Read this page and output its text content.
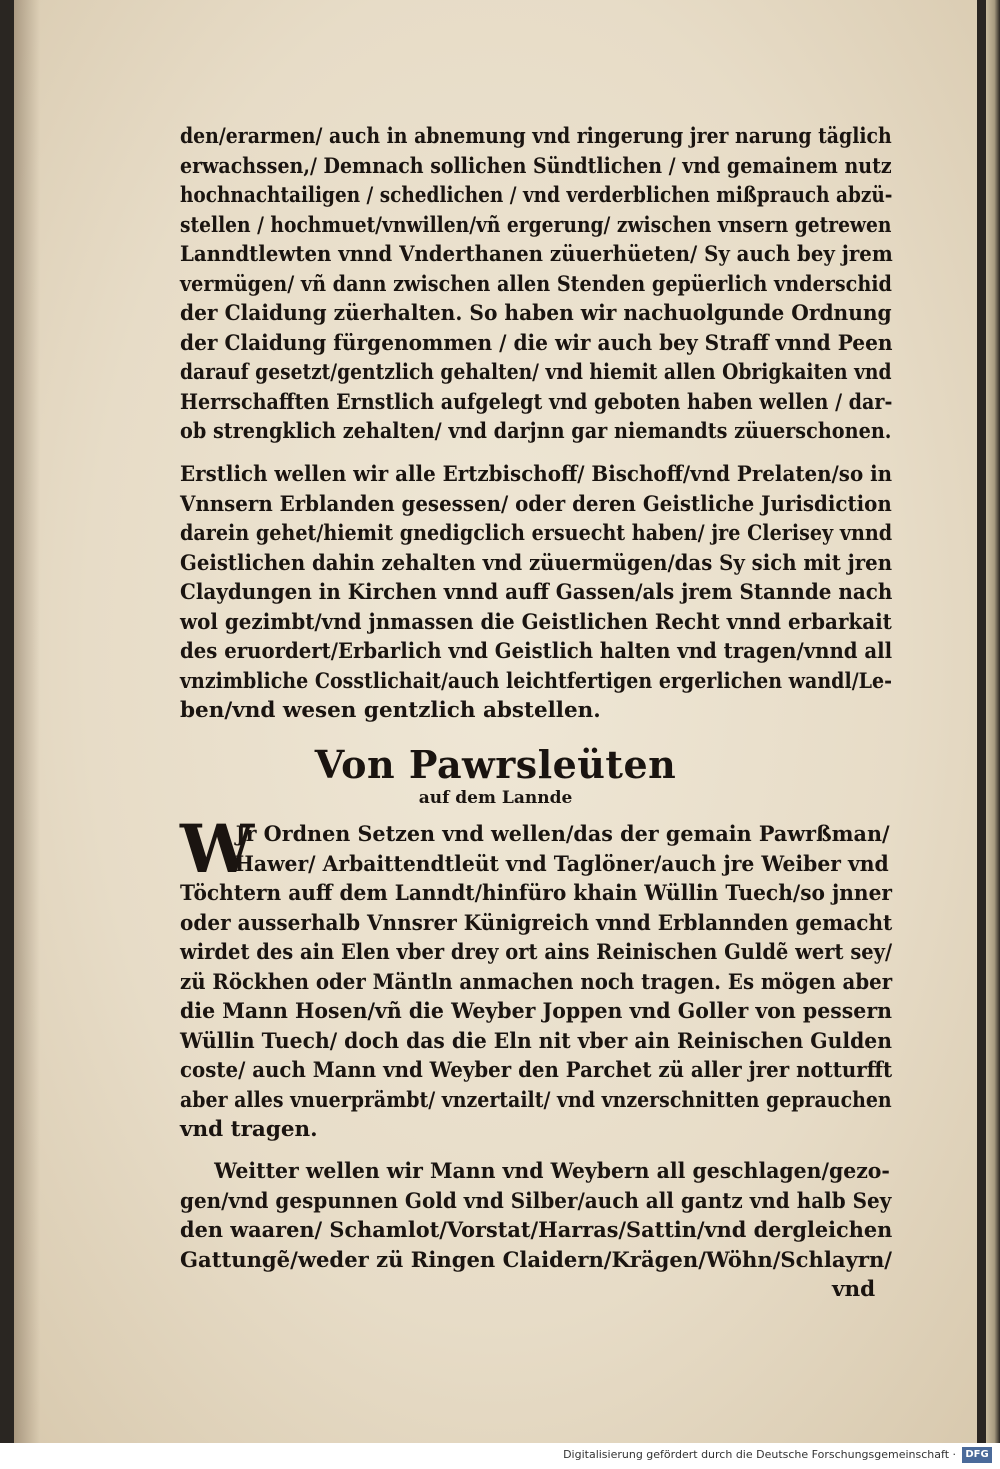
den/erarmen/ auch in abnemung vnd ringerung jrer narung täglich
erwachssen,/ Demnach sollichen Sündtlichen / vnd gemainem nutz
hochnachtailigen / schedlichen / vnd verderblichen mißprauch abzü-
stellen / hochmuet/vnwillen/vñ ergerung/ zwischen vnsern getrewen
Lanndtlewten vnnd Vnderthanen züuerhüeten/ Sy auch bey jrem
vermügen/ vñ dann zwischen allen Stenden gepüerlich vnderschid
der Claidung züerhalten. So haben wir nachuolgunde Ordnung
der Claidung fürgenommen / die wir auch bey Straff vnnd Peen
darauf gesetzt/gentzlich gehalten/ vnd hiemit allen Obrigkaiten vnd
Herrschafften Ernstlich aufgelegt vnd geboten haben wellen / dar-
ob strengklich zehalten/ vnd darjnn gar niemandts züuerschonen.

Erstlich wellen wir alle Ertzbischoff/ Bischoff/vnd Prelaten/so in
Vnnsern Erblanden gesessen/ oder deren Geistliche Jurisdiction
darein gehet/hiemit gnedigclich ersuecht haben/ jre Clerisey vnnd
Geistlichen dahin zehalten vnd züuermügen/das Sy sich mit jren
Claydungen in Kirchen vnnd auff Gassen/als jrem Stannde nach
wol gezimbt/vnd jnmassen die Geistlichen Recht vnnd erbarkait
des eruordert/Erbarlich vnd Geistlich halten vnd tragen/vnnd all
vnzimbliche Cosstlichait/auch leichtfertigen ergerlichen wandl/Le-
ben/vnd wesen gentzlich abstellen.

Von Pawrsleüten
auf dem Lannde

W
Jr Ordnen Setzen vnd wellen/das der gemain Pawrßman/
Hawer/ Arbaittendtleüt vnd Taglöner/auch jre Weiber vnd
Töchtern auff dem Lanndt/hinfüro khain Wüllin Tuech/so jnner
oder ausserhalb Vnnsrer Künigreich vnnd Erblannden gemacht
wirdet des ain Elen vber drey ort ains Reinischen Guldẽ wert sey/
zü Röckhen oder Mäntln anmachen noch tragen. Es mögen aber
die Mann Hosen/vñ die Weyber Joppen vnd Goller von pessern
Wüllin Tuech/ doch das die Eln nit vber ain Reinischen Gulden
coste/ auch Mann vnd Weyber den Parchet zü aller jrer notturfft
aber alles vnuerprämbt/ vnzertailt/ vnd vnzerschnitten geprauchen
vnd tragen.

Weitter wellen wir Mann vnd Weybern all geschlagen/gezo-
gen/vnd gespunnen Gold vnd Silber/auch all gantz vnd halb Sey
den waaren/ Schamlot/Vorstat/Harras/Sattin/vnd dergleichen
Gattungẽ/weder zü Ringen Claidern/Krägen/Wöhn/Schlayrn/
vnd

Digitalisierung gefördert durch die Deutsche Forschungsgemeinschaft · DFG
